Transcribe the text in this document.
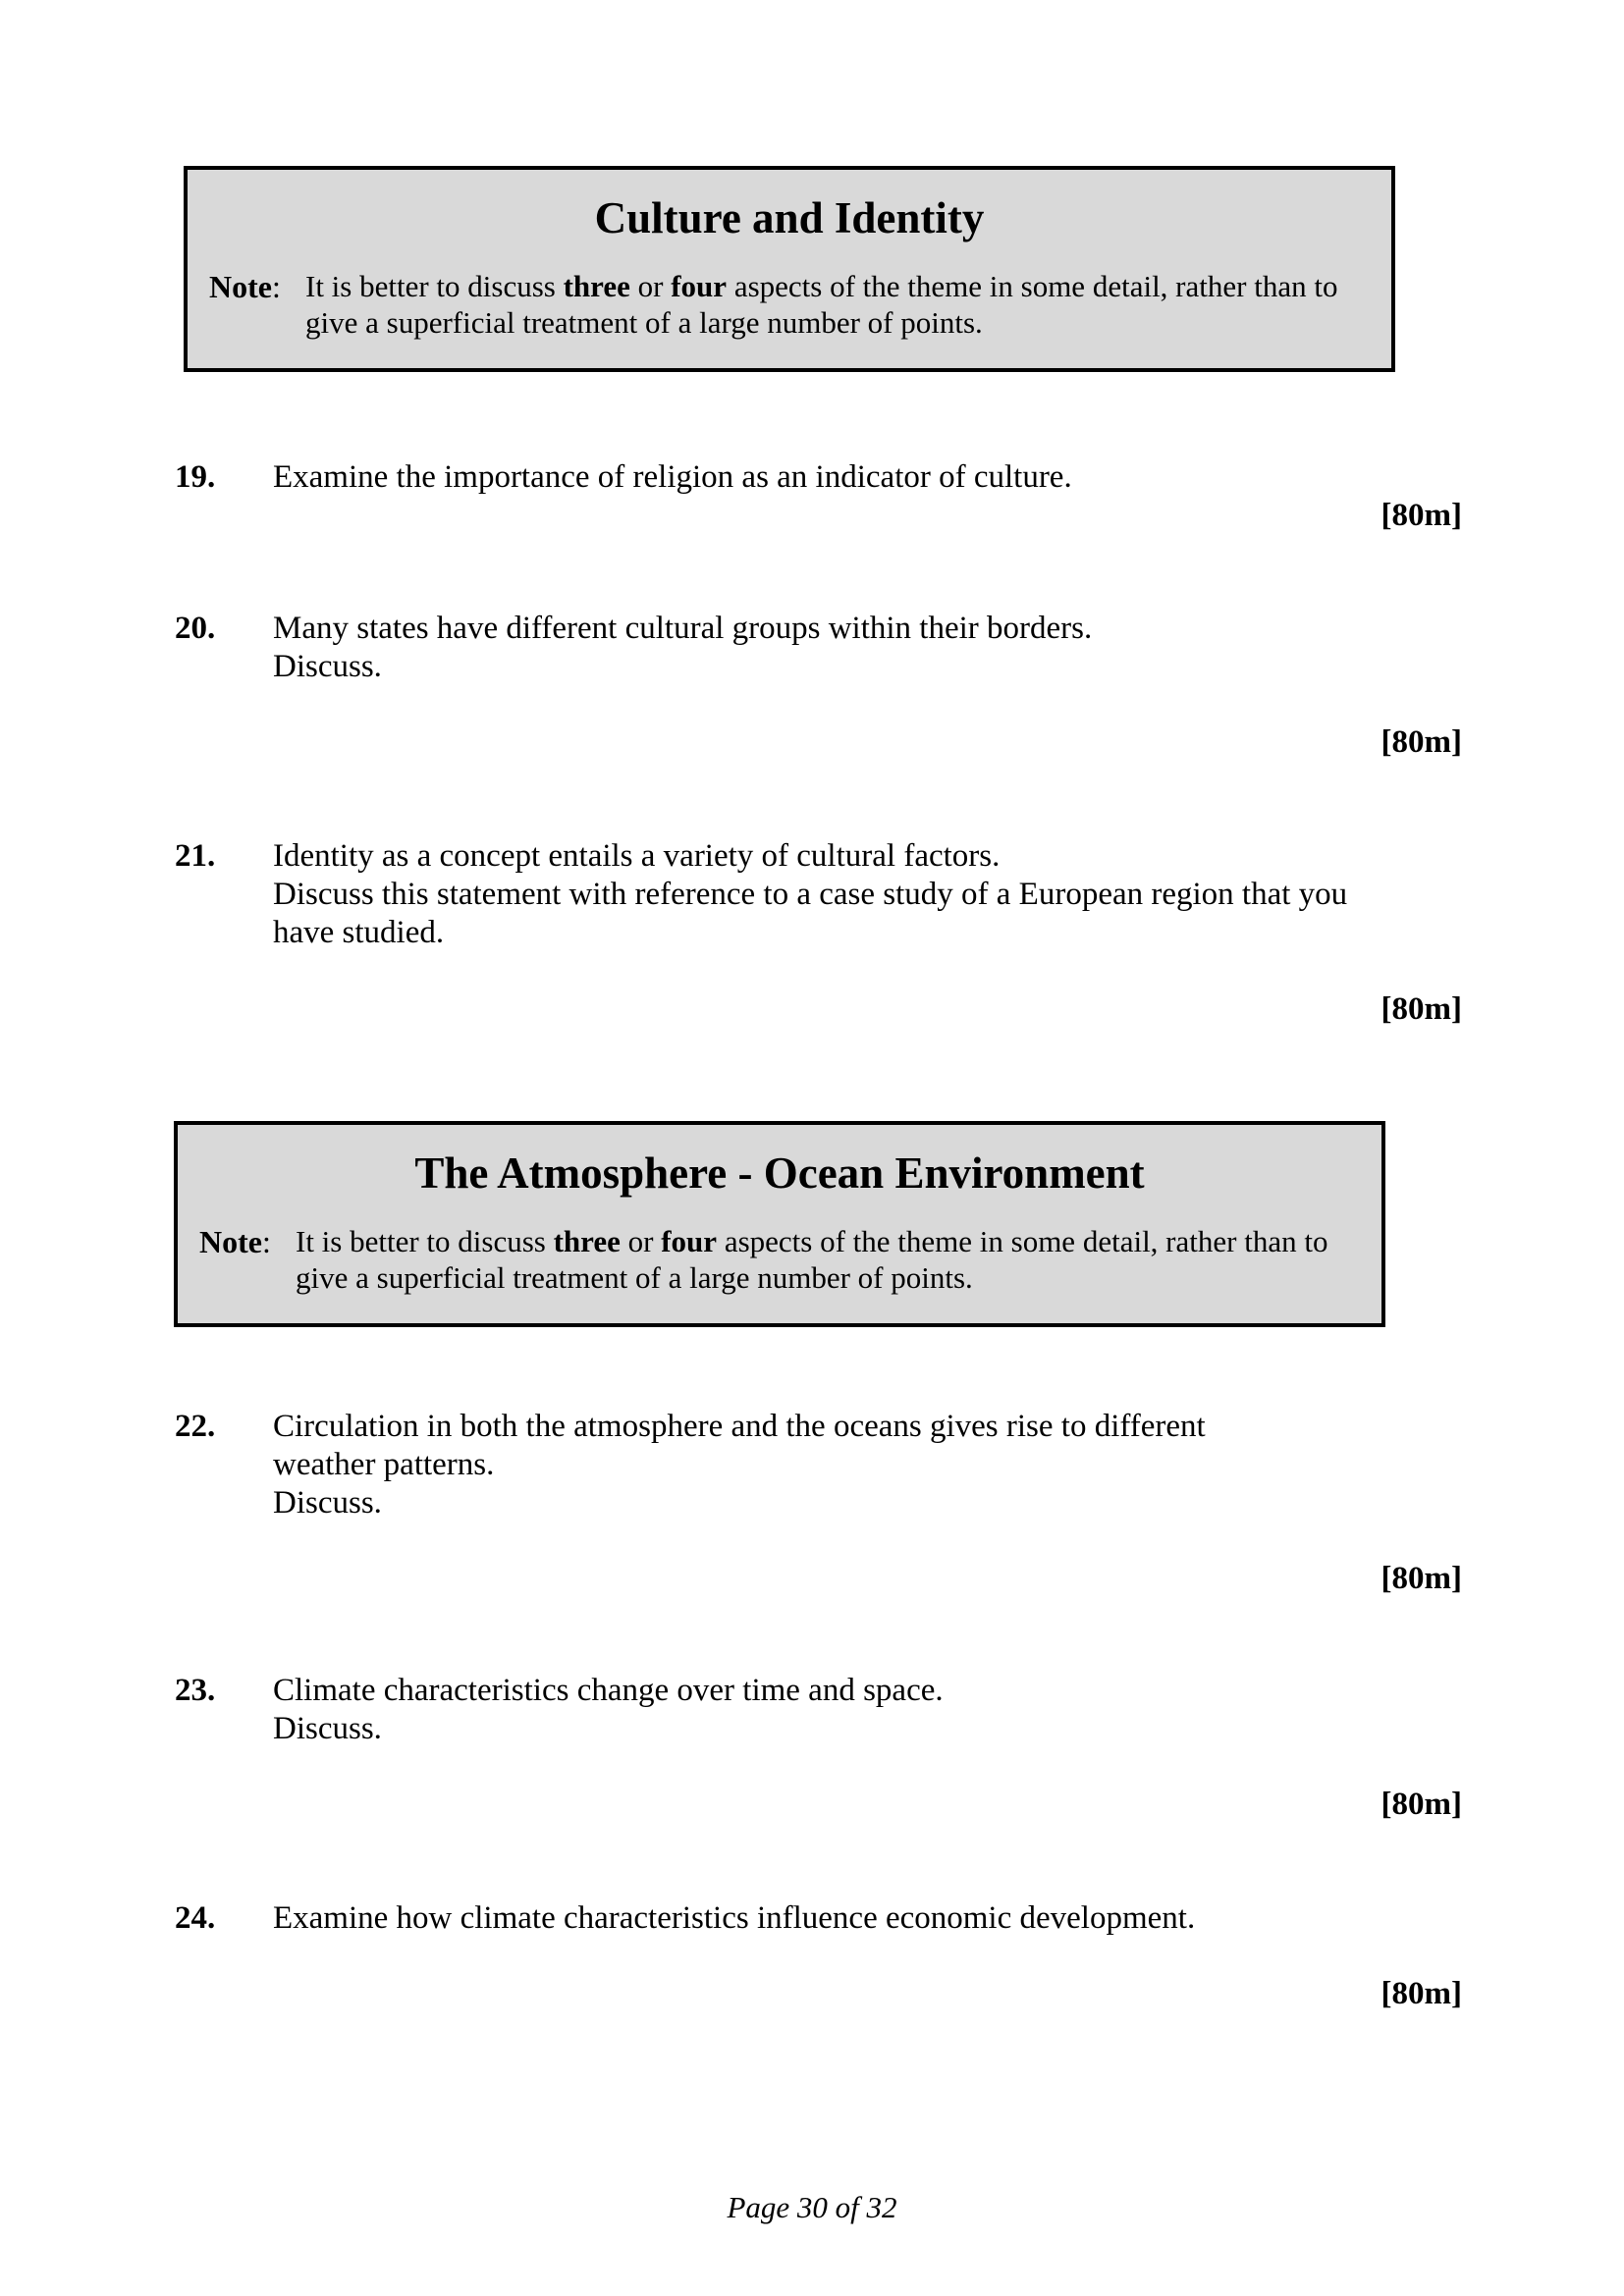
Culture and Identity
Note: It is better to discuss three or four aspects of the theme in some detail, rather than to
give a superficial treatment of a large number of points.
19. Examine the importance of religion as an indicator of culture.
[80m]
20. Many states have different cultural groups within their borders.
Discuss.
[80m]
21. Identity as a concept entails a variety of cultural factors.
Discuss this statement with reference to a case study of a European region that you
have studied.
[80m]
The Atmosphere - Ocean Environment
Note: It is better to discuss three or four aspects of the theme in some detail, rather than to
give a superficial treatment of a large number of points.
22. Circulation in both the atmosphere and the oceans gives rise to different
weather patterns.
Discuss.
[80m]
23. Climate characteristics change over time and space.
Discuss.
[80m]
24. Examine how climate characteristics influence economic development.
[80m]
Page 30 of 32
